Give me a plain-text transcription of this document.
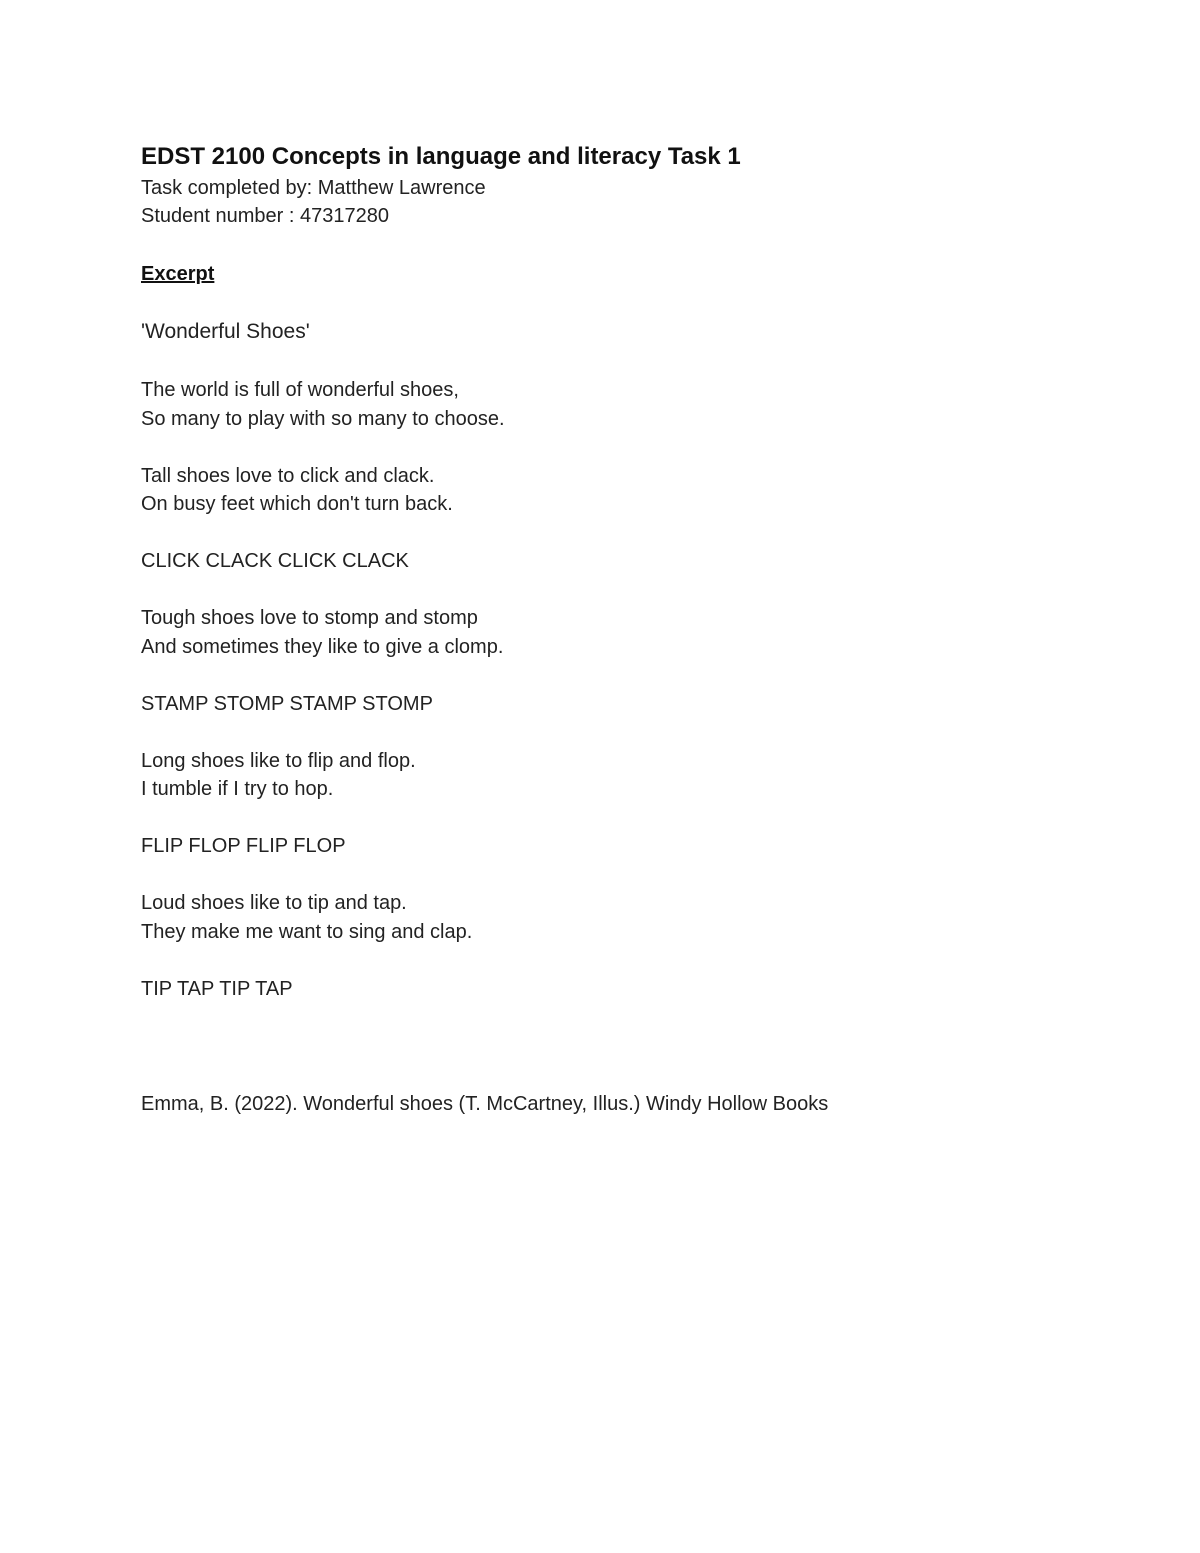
EDST 2100 Concepts in language and literacy Task 1
Task completed by: Matthew Lawrence
Student number : 47317280
Excerpt
'Wonderful Shoes'
The world is full of wonderful shoes,
So many to play with so many to choose.
Tall shoes love to click and clack.
On busy feet which don't turn back.
CLICK CLACK CLICK CLACK
Tough shoes love to stomp and stomp
And sometimes they like to give a clomp.
STAMP STOMP STAMP STOMP
Long shoes like to flip and flop.
I tumble if I try to hop.
FLIP FLOP FLIP FLOP
Loud shoes like to tip and tap.
They make me want to sing and clap.
TIP TAP TIP TAP
Emma, B. (2022). Wonderful shoes (T. McCartney, Illus.) Windy Hollow Books
